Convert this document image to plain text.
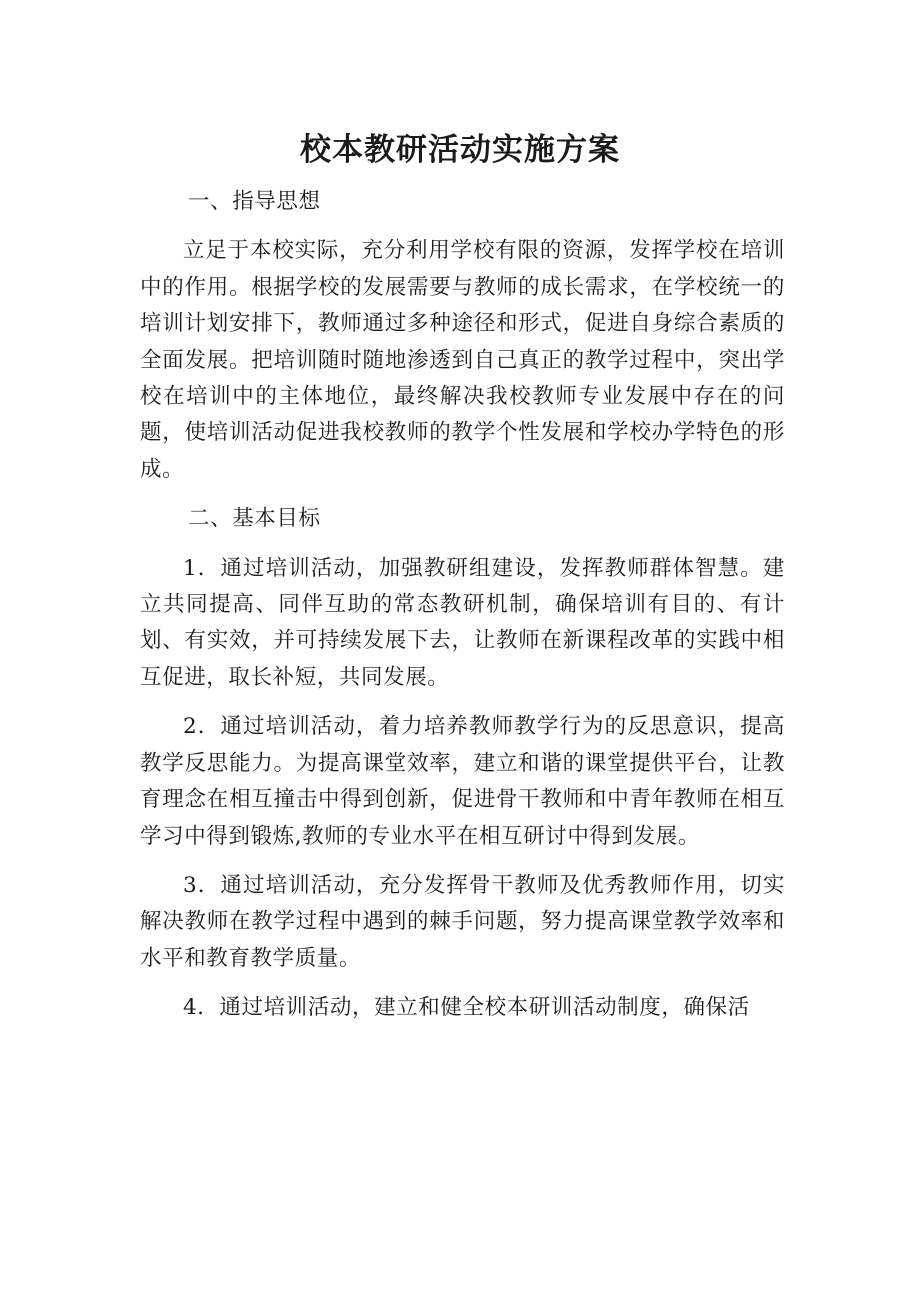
校本教研活动实施方案

一、指导思想

立足于本校实际，充分利用学校有限的资源，发挥学校在培训中的作用。根据学校的发展需要与教师的成长需求，在学校统一的培训计划安排下，教师通过多种途径和形式，促进自身综合素质的全面发展。把培训随时随地渗透到自己真正的教学过程中，突出学校在培训中的主体地位，最终解决我校教师专业发展中存在的问题，使培训活动促进我校教师的教学个性发展和学校办学特色的形成。

二、基本目标

1．通过培训活动，加强教研组建设，发挥教师群体智慧。建立共同提高、同伴互助的常态教研机制，确保培训有目的、有计划、有实效，并可持续发展下去，让教师在新课程改革的实践中相互促进，取长补短，共同发展。

2．通过培训活动，着力培养教师教学行为的反思意识，提高教学反思能力。为提高课堂效率，建立和谐的课堂提供平台，让教育理念在相互撞击中得到创新，促进骨干教师和中青年教师在相互学习中得到锻炼,教师的专业水平在相互研讨中得到发展。

3．通过培训活动，充分发挥骨干教师及优秀教师作用，切实解决教师在教学过程中遇到的棘手问题，努力提高课堂教学效率和水平和教育教学质量。

4．通过培训活动，建立和健全校本研训活动制度，确保活
